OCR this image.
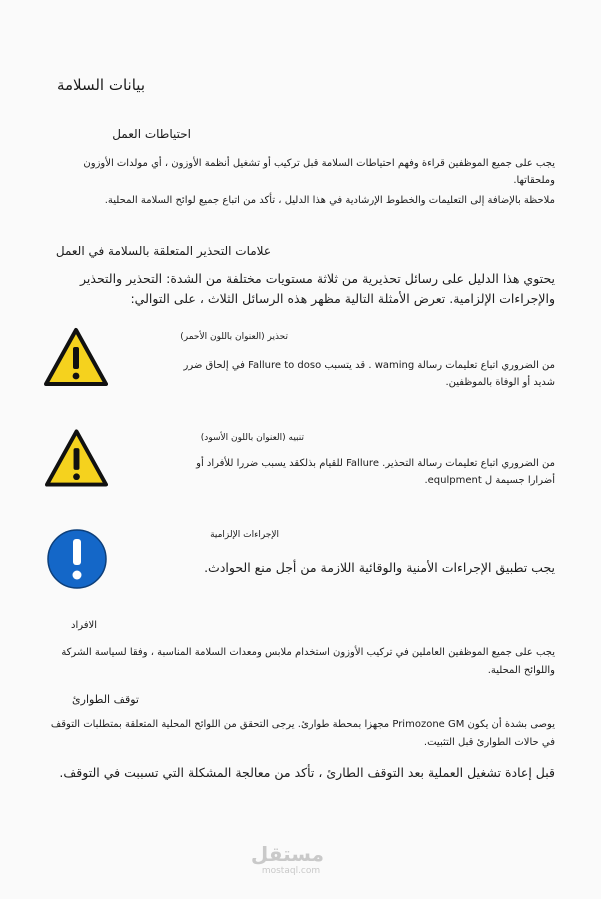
بيانات السلامة
احتياطات العمل
يجب على جميع الموظفين قراءة وفهم احتياطات السلامة قبل تركيب أو تشغيل أنظمة الأوزون ، أي مولدات الأوزون وملحقاتها.
ملاحظة بالإضافة إلى التعليمات والخطوط الإرشادية في هذا الدليل ، تأكد من اتباع جميع لوائح السلامة المحلية.
علامات التحذير المتعلقة بالسلامة في العمل
يحتوي هذا الدليل على رسائل تحذيرية من ثلاثة مستويات مختلفة من الشدة: التحذير والتحذير والإجراءات الإلزامية. تعرض الأمثلة التالية مظهر هذه الرسائل الثلاث ، على التوالي:
تحذير (العنوان باللون الأحمر)
من الضروري اتباع تعليمات رسالة waming . قد يتسبب Fallure to doso في إلحاق ضرر شديد أو الوفاة بالموظفين.
تنبيه (العنوان باللون الأسود)
من الضروري اتباع تعليمات رسالة التحذير. Fallure للقيام بذلكقد يسبب ضررا للأفراد أو أضرارا جسيمة ل equlpment.
الإجراءات الإلزامية
يجب تطبيق الإجراءات الأمنية والوقائية اللازمة من أجل منع الحوادث.
الافراد
يجب على جميع الموظفين العاملين في تركيب الأوزون استخدام ملابس ومعدات السلامة المناسبة ، وفقا لسياسة الشركة واللوائح المحلية.
توقف الطوارئ
يوصى بشدة أن يكون Primozone GM مجهزا بمحطة طوارئ. يرجى التحقق من اللوائح المحلية المتعلقة بمتطلبات التوقف في حالات الطوارئ قبل التثبيت.
قبل إعادة تشغيل العملية بعد التوقف الطارئ ، تأكد من معالجة المشكلة التي تسببت في التوقف.
مستقل
mostaql.com
